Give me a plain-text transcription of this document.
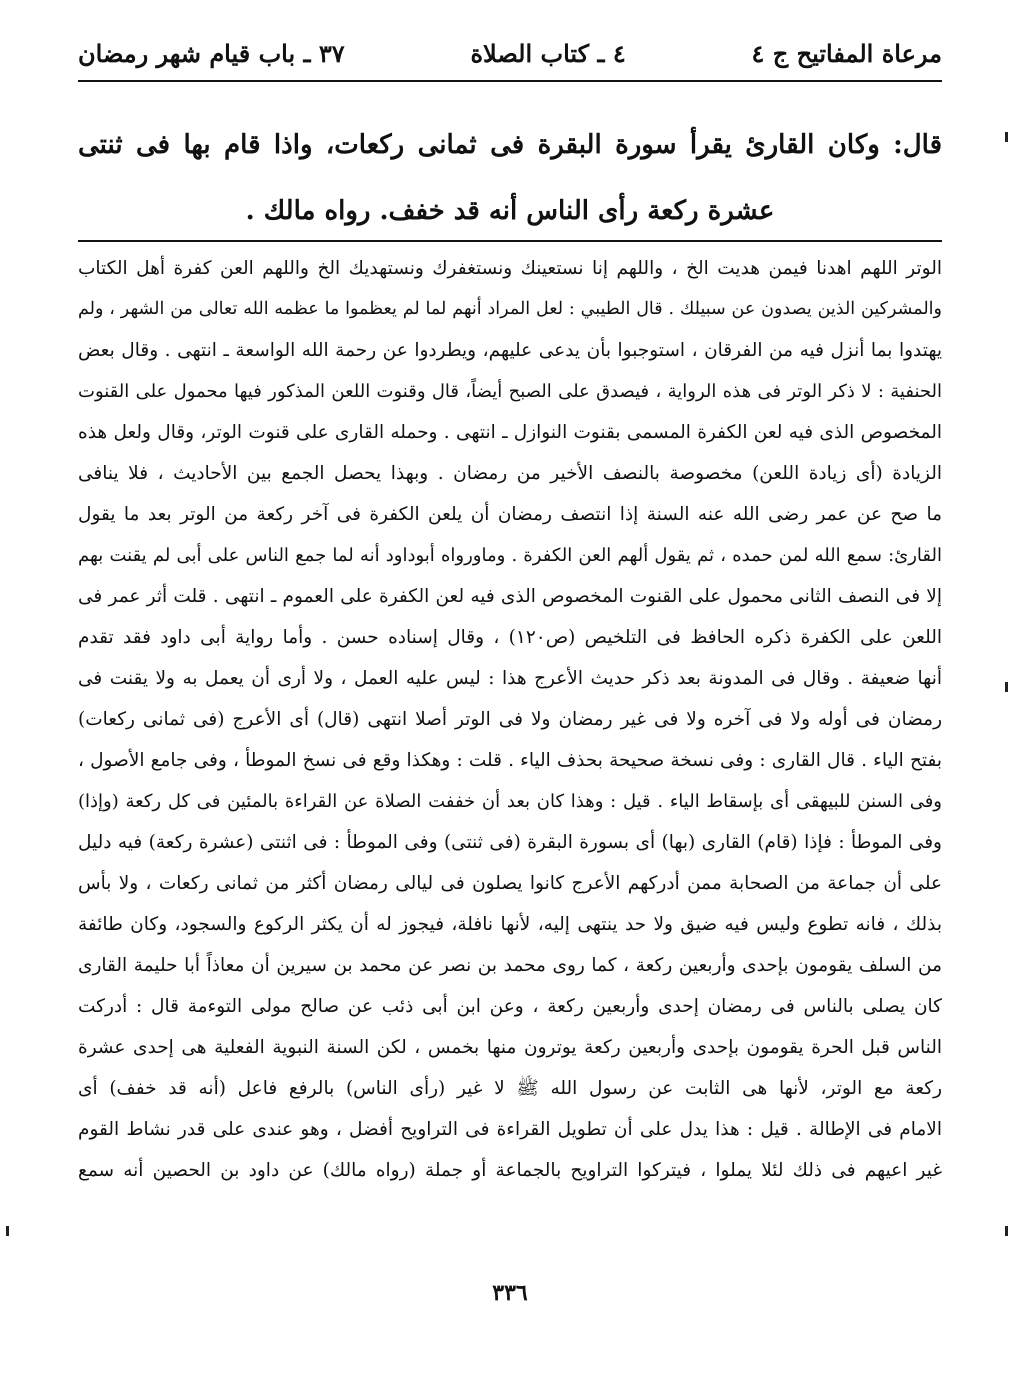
٣٧ ـ باب قيام شهر رمضان	٤ ـ كتاب الصلاة	مرعاة المفاتيح ج ٤

قال: وكان القارئ يقرأ سورة البقرة فى ثمانى ركعات، واذا قام بها فى ثنتى عشرة ركعة رأى الناس أنه قد خفف. رواه مالك .

الوتر اللهم اهدنا فيمن هديت الخ ، واللهم إنا نستعينك ونستغفرك ونستهديك الخ واللهم العن كفرة أهل الكتاب
والمشركين الذين يصدون عن سبيلك . قال الطيبي : لعل المراد أنهم لما لم يعظموا ما عظمه الله تعالى من الشهر ، ولم
يهتدوا بما أنزل فيه من الفرقان ، استوجبوا بأن يدعى عليهم، ويطردوا عن رحمة الله الواسعة ـ انتهى . وقال بعض
الحنفية : لا ذكر الوتر فى هذه الرواية ، فيصدق على الصبح أيضاً، قال وقنوت اللعن المذكور فيها محمول على القنوت
المخصوص الذى فيه لعن الكفرة المسمى بقنوت النوازل ـ انتهى . وحمله القارى على قنوت الوتر، وقال ولعل هذه
الزيادة (أى زيادة اللعن) مخصوصة بالنصف الأخير من رمضان . وبهذا يحصل الجمع بين الأحاديث ، فلا ينافى
ما صح عن عمر رضى الله عنه السنة إذا انتصف رمضان أن يلعن الكفرة فى آخر ركعة من الوتر بعد ما يقول
القارئ: سمع الله لمن حمده ، ثم يقول ألهم العن الكفرة . وماورواه أبوداود أنه لما جمع الناس على أبى لم يقنت بهم
إلا فى النصف الثانى محمول على القنوت المخصوص الذى فيه لعن الكفرة على العموم ـ انتهى . قلت أثر عمر فى
اللعن على الكفرة ذكره الحافظ فى التلخيص (ص١٢٠) ، وقال إسناده حسن . وأما رواية أبى داود فقد تقدم
أنها ضعيفة . وقال فى المدونة بعد ذكر حديث الأعرج هذا : ليس عليه العمل ، ولا أرى أن يعمل به ولا يقنت فى
رمضان فى أوله ولا فى آخره ولا فى غير رمضان ولا فى الوتر أصلا انتهى (قال) أى الأعرج (فى ثمانى ركعات)
بفتح الياء . قال القارى : وفى نسخة صحيحة بحذف الياء . قلت : وهكذا وقع فى نسخ الموطأ ، وفى جامع الأصول ،
وفى السنن للبيهقى أى بإسقاط الياء . قيل : وهذا كان بعد أن خففت الصلاة عن القراءة بالمئين فى كل ركعة (وإذا)
وفى الموطأ : فإذا (قام) القارى (بها) أى بسورة البقرة (فى ثنتى) وفى الموطأ : فى اثنتى (عشرة ركعة) فيه دليل
على أن جماعة من الصحابة ممن أدركهم الأعرج كانوا يصلون فى ليالى رمضان أكثر من ثمانى ركعات ، ولا بأس
بذلك ، فانه تطوع وليس فيه ضيق ولا حد ينتهى إليه، لأنها نافلة، فيجوز له أن يكثر الركوع والسجود، وكان طائفة
من السلف يقومون بإحدى وأربعين ركعة ، كما روى محمد بن نصر عن محمد بن سيرين أن معاذاً أبا حليمة القارى
كان يصلى بالناس فى رمضان إحدى وأربعين ركعة ، وعن ابن أبى ذئب عن صالح مولى التوءمة قال : أدركت
الناس قبل الحرة يقومون بإحدى وأربعين ركعة يوترون منها بخمس ، لكن السنة النبوية الفعلية هى إحدى عشرة
ركعة مع الوتر، لأنها هى الثابت عن رسول الله ﷺ لا غير (رأى الناس) بالرفع فاعل (أنه قد خفف) أى
الامام فى الإطالة . قيل : هذا يدل على أن تطويل القراءة فى التراويح أفضل ، وهو عندى على قدر نشاط القوم
غير اعيهم فى ذلك لئلا يملوا ، فيتركوا التراويح بالجماعة أو جملة (رواه مالك) عن داود بن الحصين أنه سمع
٣٣٦
